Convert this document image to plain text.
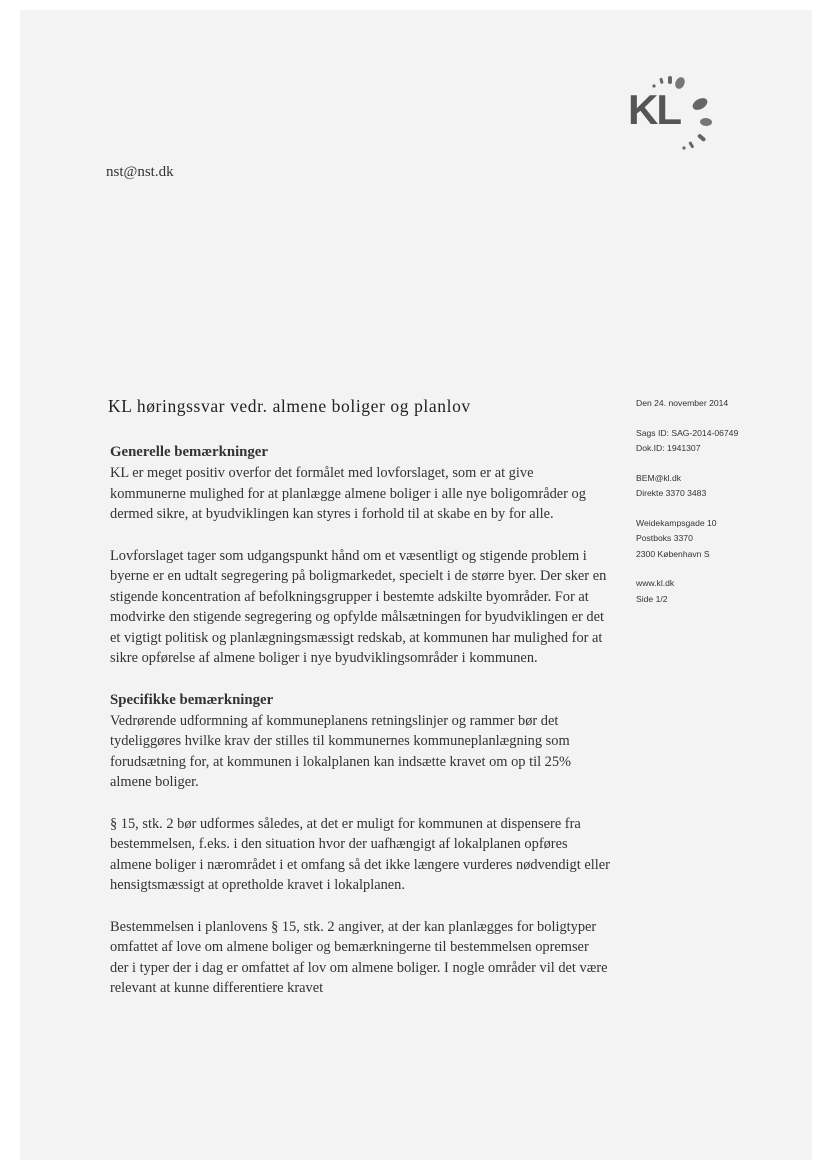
KL
nst@nst.dk
KL høringssvar vedr. almene boliger og planlov	Den 24. november 2014
Sags ID: SAG-2014-06749
Dok.ID: 1941307
BEM@kl.dk
Direkte 3370 3483
Weidekampsgade 10
Postboks 3370
2300 København S
www.kl.dk
Side 1/2
Generelle bemærkninger

KL er meget positiv overfor det formålet med lovforslaget, som er at give kommunerne mulighed for at planlægge almene boliger i alle nye boligområder og dermed sikre, at byudviklingen kan styres i forhold til at skabe en by for alle.

Lovforslaget tager som udgangspunkt hånd om et væsentligt og stigende problem i byerne er en udtalt segregering på boligmarkedet, specielt i de større byer. Der sker en stigende koncentration af befolkningsgrupper i bestemte adskilte byområder. For at modvirke den stigende segregering og opfylde målsætningen for byudviklingen er det et vigtigt politisk og planlægningsmæssigt redskab, at kommunen har mulighed for at sikre opførelse af almene boliger i nye byudviklingsområder i kommunen.

Specifikke bemærkninger

Vedrørende udformning af kommuneplanens retningslinjer og rammer bør det tydeliggøres hvilke krav der stilles til kommunernes kommuneplanlægning som forudsætning for, at kommunen i lokalplanen kan indsætte kravet om op til 25% almene boliger.

§ 15, stk. 2 bør udformes således, at det er muligt for kommunen at dispensere fra bestemmelsen, f.eks. i den situation hvor der uafhængigt af lokalplanen opføres almene boliger i nærområdet i et omfang så det ikke længere vurderes nødvendigt eller hensigtsmæssigt at opretholde kravet i lokalplanen.

Bestemmelsen i planlovens § 15, stk. 2 angiver, at der kan planlægges for boligtyper omfattet af love om almene boliger og bemærkningerne til bestemmelsen opremser der i typer der i dag er omfattet af lov om almene boliger. I nogle områder vil det være relevant at kunne differentiere kravet
